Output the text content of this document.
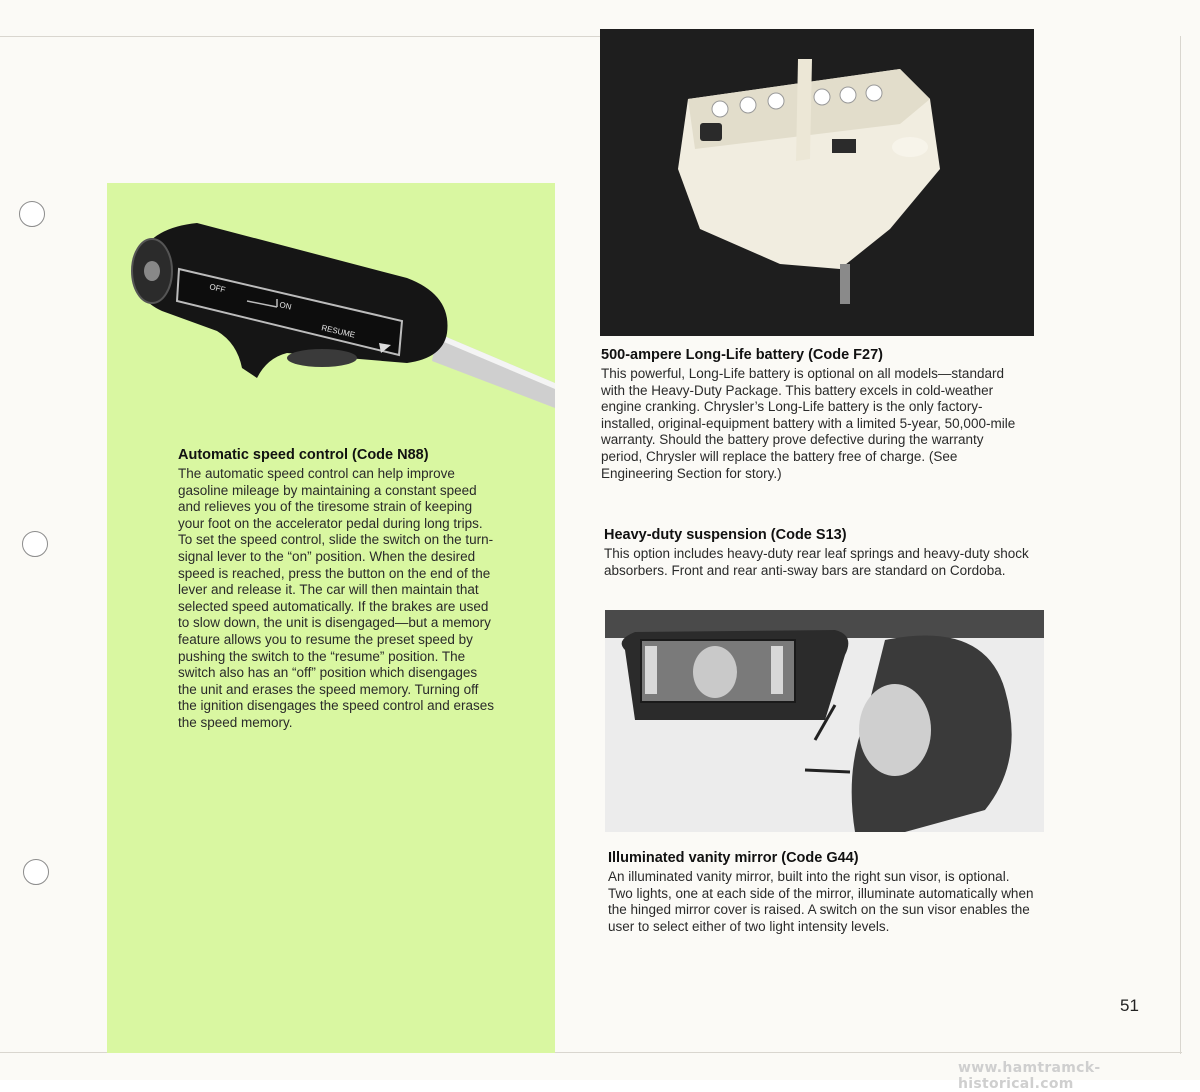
OFF
ON
RESUME

Automatic speed control (Code N88)

The automatic speed control can help improve gasoline mileage by maintaining a constant speed and relieves you of the tiresome strain of keeping your foot on the accelerator pedal during long trips. To set the speed control, slide the switch on the turn-signal lever to the “on” position. When the desired speed is reached, press the button on the end of the lever and release it. The car will then maintain that selected speed automatically. If the brakes are used to slow down, the unit is disengaged—but a memory feature allows you to resume the preset speed by pushing the switch to the “resume” position. The switch also has an “off” position which disengages the unit and erases the speed memory. Turning off the ignition disengages the speed control and erases the speed memory.

500-ampere Long-Life battery (Code F27)

This powerful, Long-Life battery is optional on all models—standard with the Heavy-Duty Package. This battery excels in cold-weather engine cranking. Chrysler’s Long-Life battery is the only factory-installed, original-equipment battery with a limited 5-year, 50,000-mile warranty. Should the battery prove defective during the warranty period, Chrysler will replace the battery free of charge. (See Engineering Section for story.)

Heavy-duty suspension (Code S13)

This option includes heavy-duty rear leaf springs and heavy-duty shock absorbers. Front and rear anti-sway bars are standard on Cordoba.

Illuminated vanity mirror (Code G44)

An illuminated vanity mirror, built into the right sun visor, is optional. Two lights, one at each side of the mirror, illuminate automatically when the hinged mirror cover is raised. A switch on the sun visor enables the user to select either of two light intensity levels.

51
www.hamtramck-historical.com
